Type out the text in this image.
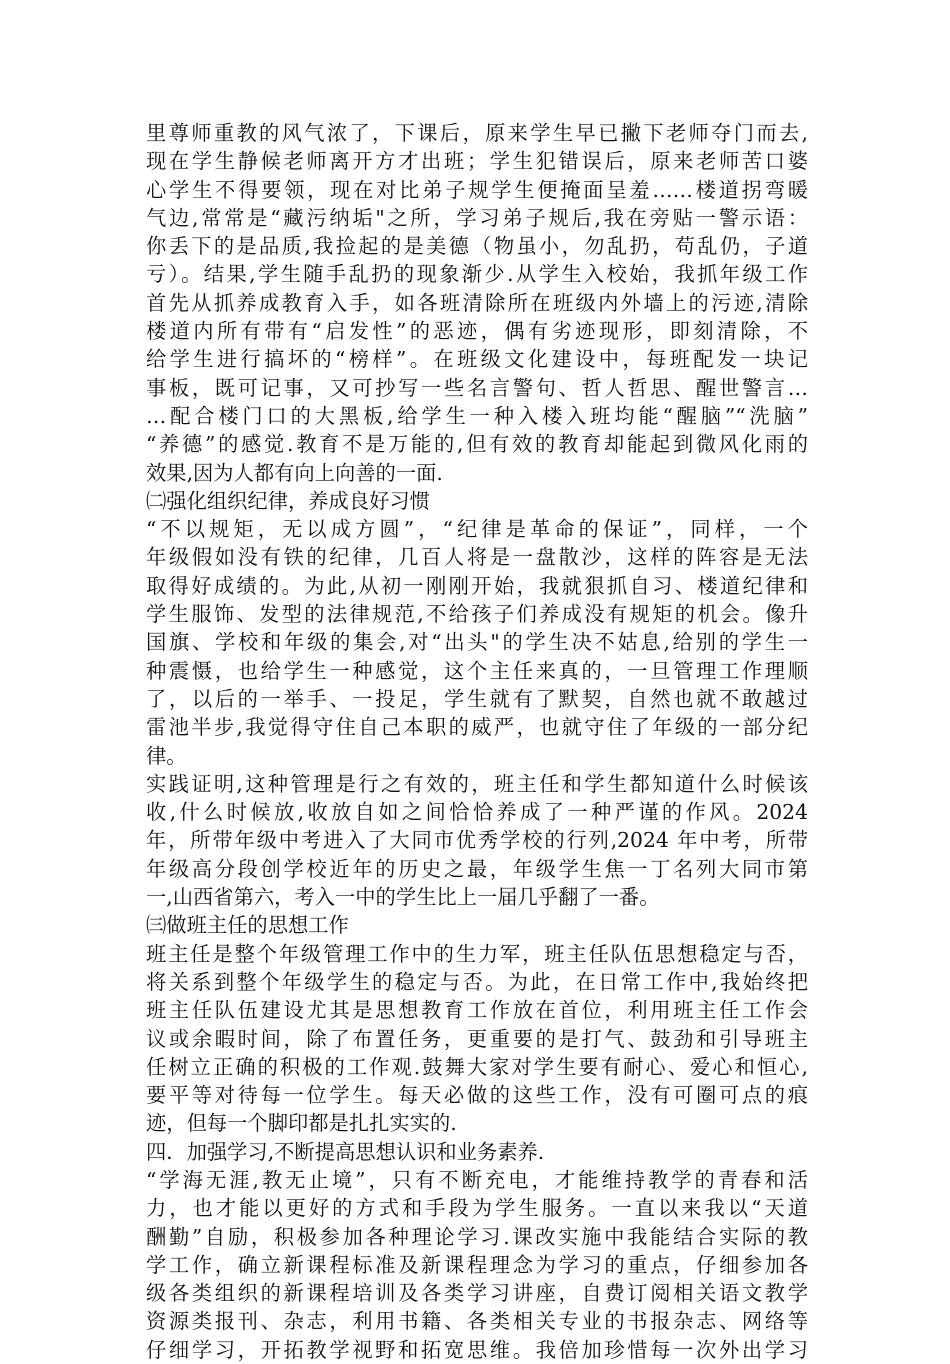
里尊师重教的风气浓了，下课后，原来学生早已撇下老师夺门而去,
现在学生静候老师离开方才出班；学生犯错误后，原来老师苦口婆
心学生不得要领，现在对比弟子规学生便掩面呈羞……楼道拐弯暖
气边,常常是“藏污纳垢"之所，学习弟子规后,我在旁贴一警示语：
你丢下的是品质,我捡起的是美德（物虽小，勿乱扔，苟乱仍，子道
亏）。结果,学生随手乱扔的现象渐少.从学生入校始，我抓年级工作
首先从抓养成教育入手，如各班清除所在班级内外墙上的污迹,清除
楼道内所有带有“启发性”的恶迹，偶有劣迹现形，即刻清除，不
给学生进行搞坏的“榜样”。在班级文化建设中，每班配发一块记
事板，既可记事，又可抄写一些名言警句、哲人哲思、醒世警言…
…配合楼门口的大黑板,给学生一种入楼入班均能“醒脑”“洗脑”
“养德”的感觉.教育不是万能的,但有效的教育却能起到微风化雨的
效果,因为人都有向上向善的一面.
㈡强化组织纪律，养成良好习惯
“不以规矩，无以成方圆”，“纪律是革命的保证”，同样，一个
年级假如没有铁的纪律，几百人将是一盘散沙，这样的阵容是无法
取得好成绩的。为此,从初一刚刚开始，我就狠抓自习、楼道纪律和
学生服饰、发型的法律规范,不给孩子们养成没有规矩的机会。像升
国旗、学校和年级的集会,对“出头"的学生决不姑息,给别的学生一
种震慑，也给学生一种感觉，这个主任来真的，一旦管理工作理顺
了，以后的一举手、一投足，学生就有了默契，自然也就不敢越过
雷池半步,我觉得守住自己本职的威严，也就守住了年级的一部分纪
律。
实践证明,这种管理是行之有效的，班主任和学生都知道什么时候该
收,什么时候放,收放自如之间恰恰养成了一种严谨的作风。2024
年，所带年级中考进入了大同市优秀学校的行列,2024 年中考，所带
年级高分段创学校近年的历史之最，年级学生焦一丁名列大同市第
一,山西省第六，考入一中的学生比上一届几乎翻了一番。
㈢做班主任的思想工作
班主任是整个年级管理工作中的生力军，班主任队伍思想稳定与否，
将关系到整个年级学生的稳定与否。为此，在日常工作中,我始终把
班主任队伍建设尤其是思想教育工作放在首位，利用班主任工作会
议或余暇时间，除了布置任务，更重要的是打气、鼓劲和引导班主
任树立正确的积极的工作观.鼓舞大家对学生要有耐心、爱心和恒心,
要平等对待每一位学生。每天必做的这些工作，没有可圈可点的痕
迹，但每一个脚印都是扎扎实实的.
四．加强学习,不断提高思想认识和业务素养.
“学海无涯,教无止境”，只有不断充电，才能维持教学的青春和活
力，也才能以更好的方式和手段为学生服务。一直以来我以“天道
酬勤”自励，积极参加各种理论学习.课改实施中我能结合实际的教
学工作，确立新课程标准及新课程理念为学习的重点，仔细参加各
级各类组织的新课程培训及各类学习讲座，自费订阅相关语文教学
资源类报刊、杂志，利用书籍、各类相关专业的书报杂志、网络等
仔细学习，开拓教学视野和拓宽思维。我倍加珍惜每一次外出学习
